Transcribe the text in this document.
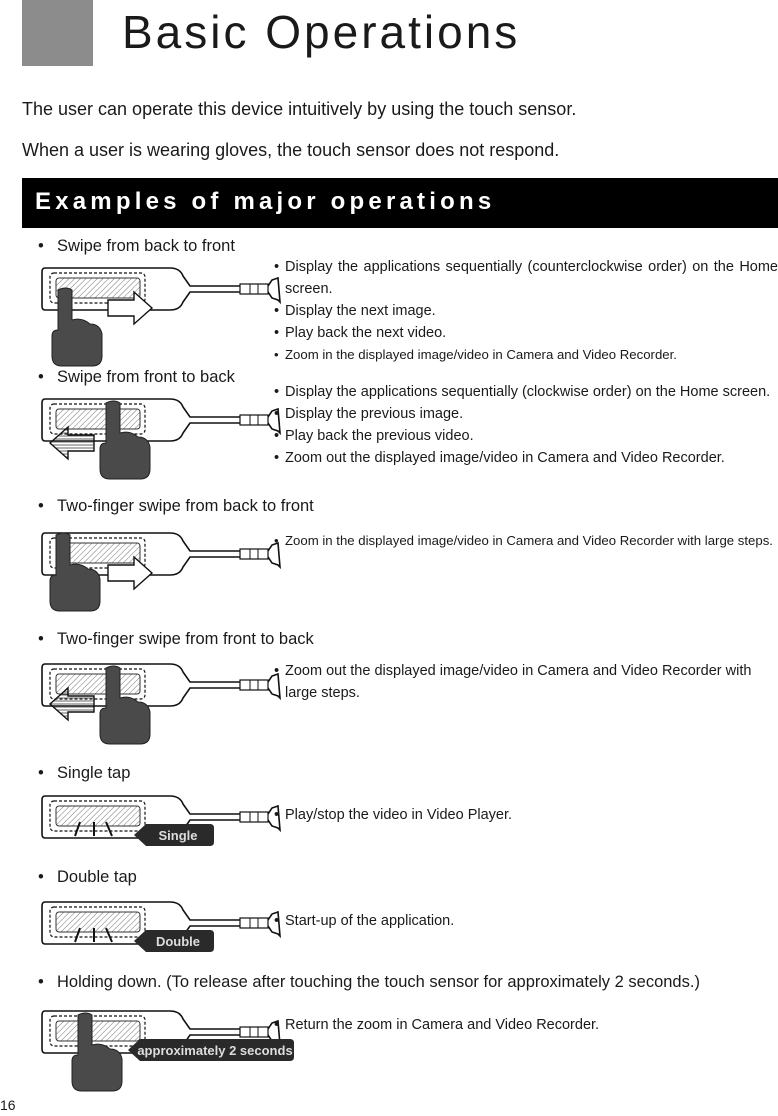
Basic Operations

The user can operate this device intuitively by using the touch sensor.

When a user is wearing gloves, the touch sensor does not respond.

Examples of major operations

• Swipe from back to front

• Display the applications sequentially (counterclockwise order) on the Home screen.
• Display the next image.
• Play back the next video.
• Zoom in the displayed image/video in Camera and Video Recorder.

• Swipe from front to back

• Display the applications sequentially (clockwise order) on the Home screen.
• Display the previous image.
• Play back the previous video.
• Zoom out the displayed image/video in Camera and Video Recorder.

• Two-finger swipe from back to front

• Zoom in the displayed image/video in Camera and Video Recorder with large steps.

• Two-finger swipe from front to back

• Zoom out the displayed image/video in Camera and Video Recorder with large steps.

• Single tap

Single
• Play/stop the video in Video Player.

• Double tap

Double
• Start-up of the application.

• Holding down. (To release after touching the touch sensor for approximately 2 seconds.)

approximately 2 seconds
• Return the zoom in Camera and Video Recorder.

16
